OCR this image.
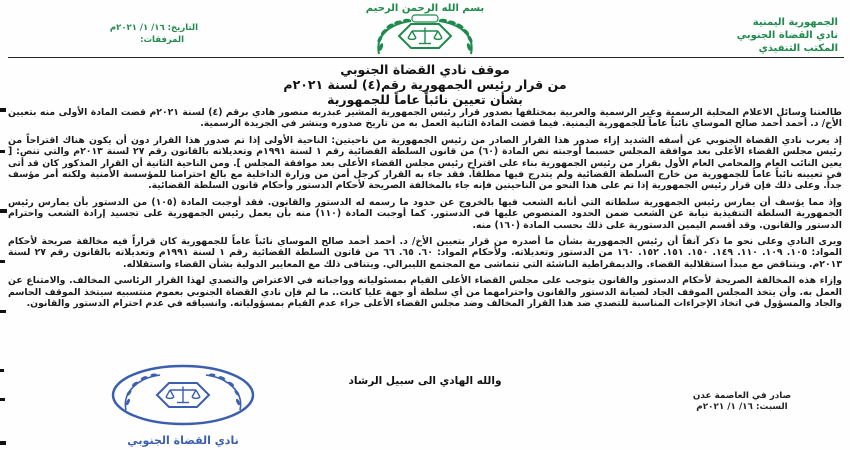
بسم الله الرحمن الرحيم
الجمهورية اليمنية
نادي القضاة الجنوبي
المكتب التنفيذي
التاريخ: ١٦/ ١/ ٢٠٢١م
المرفقات:
موقف نادي القضاة الجنوبي
من قرار رئيس الجمهورية رقم(٤) لسنة ٢٠٢١م
بشأن تعيين نائباً عاماً للجمهورية

طالعتنا وسائل الاعلام المحلية الرسمية وغير الرسمية والعربية بمختلفها بصدور قرار رئيس الجمهورية المشير عبدربه منصور هادي برقم (٤) لسنة ٢٠٢١م قضت المادة الأولى منه بتعيين الأخ/ د. أحمد أحمد صالح الموساي نائباً عاماً للجمهورية اليمنية. فيما قضت المادة الثانية العمل به من تاريخ صدوره وينشر في الجريدة الرسمية.

إذ يعرب نادي القضاة الجنوبي عن أسفه الشديد إزاء صدور هذا القرار الصادر من رئيس الجمهورية من ناحيتين: الناحية الأولى إذا تم صدور هذا القرار دون أن يكون هناك اقتراحاً من رئيس مجلس القضاء الأعلى بعد موافقة المجلس حسبما أوجبته نص المادة (٦٠) من قانون السلطة القضائية رقم ١ لسنة ١٩٩١م وتعديلاته بالقانون رقم ٢٧ لسنة ٢٠١٣م والتي تنص: [ يعين النائب العام والمحامي العام الأول بقرار من رئيس الجمهورية بناء على اقتراح رئيس مجلس القضاء الأعلى بعد موافقة المجلس ]. ومن الناحية الثانية أن القرار المذكور كان قد أتى في تعيينه نائباً عاماً للجمهورية من خارج السلطة القضائية ولم يتدرج فيها مطلقاً. فقد جاء به القرار كرجل أمن من وزارة الداخلية مع بالغ احترامنا للمؤسسة الأمنية ولكنه أمر مؤسف جداً. وعلى ذلك فإن قرار رئيس الجمهورية إذا تم على هذا النحو من الناحيتين فإنه جاء بالمخالفة الصريحة لأحكام الدستور وأحكام قانون السلطة القضائية.

وإذ مما يؤسف أن يمارس رئيس الجمهورية سلطاته التي أنابه الشعب فيها بالخروج عن حدود ما رسمه له الدستور والقانون. فقد أوجبت المادة (١٠٥) من الدستور بأن يمارس رئيس الجمهورية السلطة التنفيذية نيابة عن الشعب ضمن الحدود المنصوص عليها في الدستور. كما أوجبت المادة (١١٠) منه بأن يعمل رئيس الجمهورية على تجسيد إرادة الشعب واحترام الدستور والقانون. وقد أقسم اليمين الدستورية على ذلك بحسب المادة (١٦٠) منه.

ويرى النادي وعلى نحو ما ذكر آنفاً أن رئيس الجمهورية بشأن ما أصدره من قرار بتعيين الأخ/ د. أحمد أحمد صالح الموساي نائباً عاماً للجمهورية كان قراراً فيه مخالفة صريحة لأحكام المواد: ١٠٥. ١٠٩. ١١٠. ١٤٩. ١٥٠. ١٥١. ١٥٢. ١٦٠ من الدستور وتعديلاته. ولأحكام المواد: ٦٠. ٦٥. ٦٦ من قانون السلطة القضائية رقم ١ لسنة ١٩٩١م وتعديلاته بالقانون رقم ٢٧ لسنة ٢٠١٣م. ويتناقض مع مبدأ استقلالية القضاء. والديمقراطية الناشئة التي تتماشى مع المجتمع الليبرالي. ويتنافى ذلك مع المعايير الدولية بشأن القضاء واستقلاله.

وإزاء هذه المخالفة الصريحة لأحكام الدستور والقانون يتوجب على مجلس القضاء الأعلى القيام بمسئولياته وواجباته في الاعتراض والتصدي لهذا القرار الرئاسي المخالف. والامتناع عن العمل به. وأن يتخذ المجلس الموقف الجاد لصيانة الدستور والقانون واحترامهما من أي سلطة أو جهة عليا كانت.. ما لم فإن نادي القضاة الجنوبي بعموم منتسبيه سيتخذ الموقف الحاسم والجاد والمسؤول في اتخاذ الإجراءات المناسبة للتصدي ضد هذا القرار المخالف وضد مجلس القضاء الأعلى جراء عدم القيام بمسؤولياته. وانسياقه في عدم احترام الدستور والقانون.

والله الهادي الى سبيل الرشاد
صادر في العاصمة عدن
السبت: ١٦/ ١/ ٢٠٢١م
نادي القضاة الجنوبي
